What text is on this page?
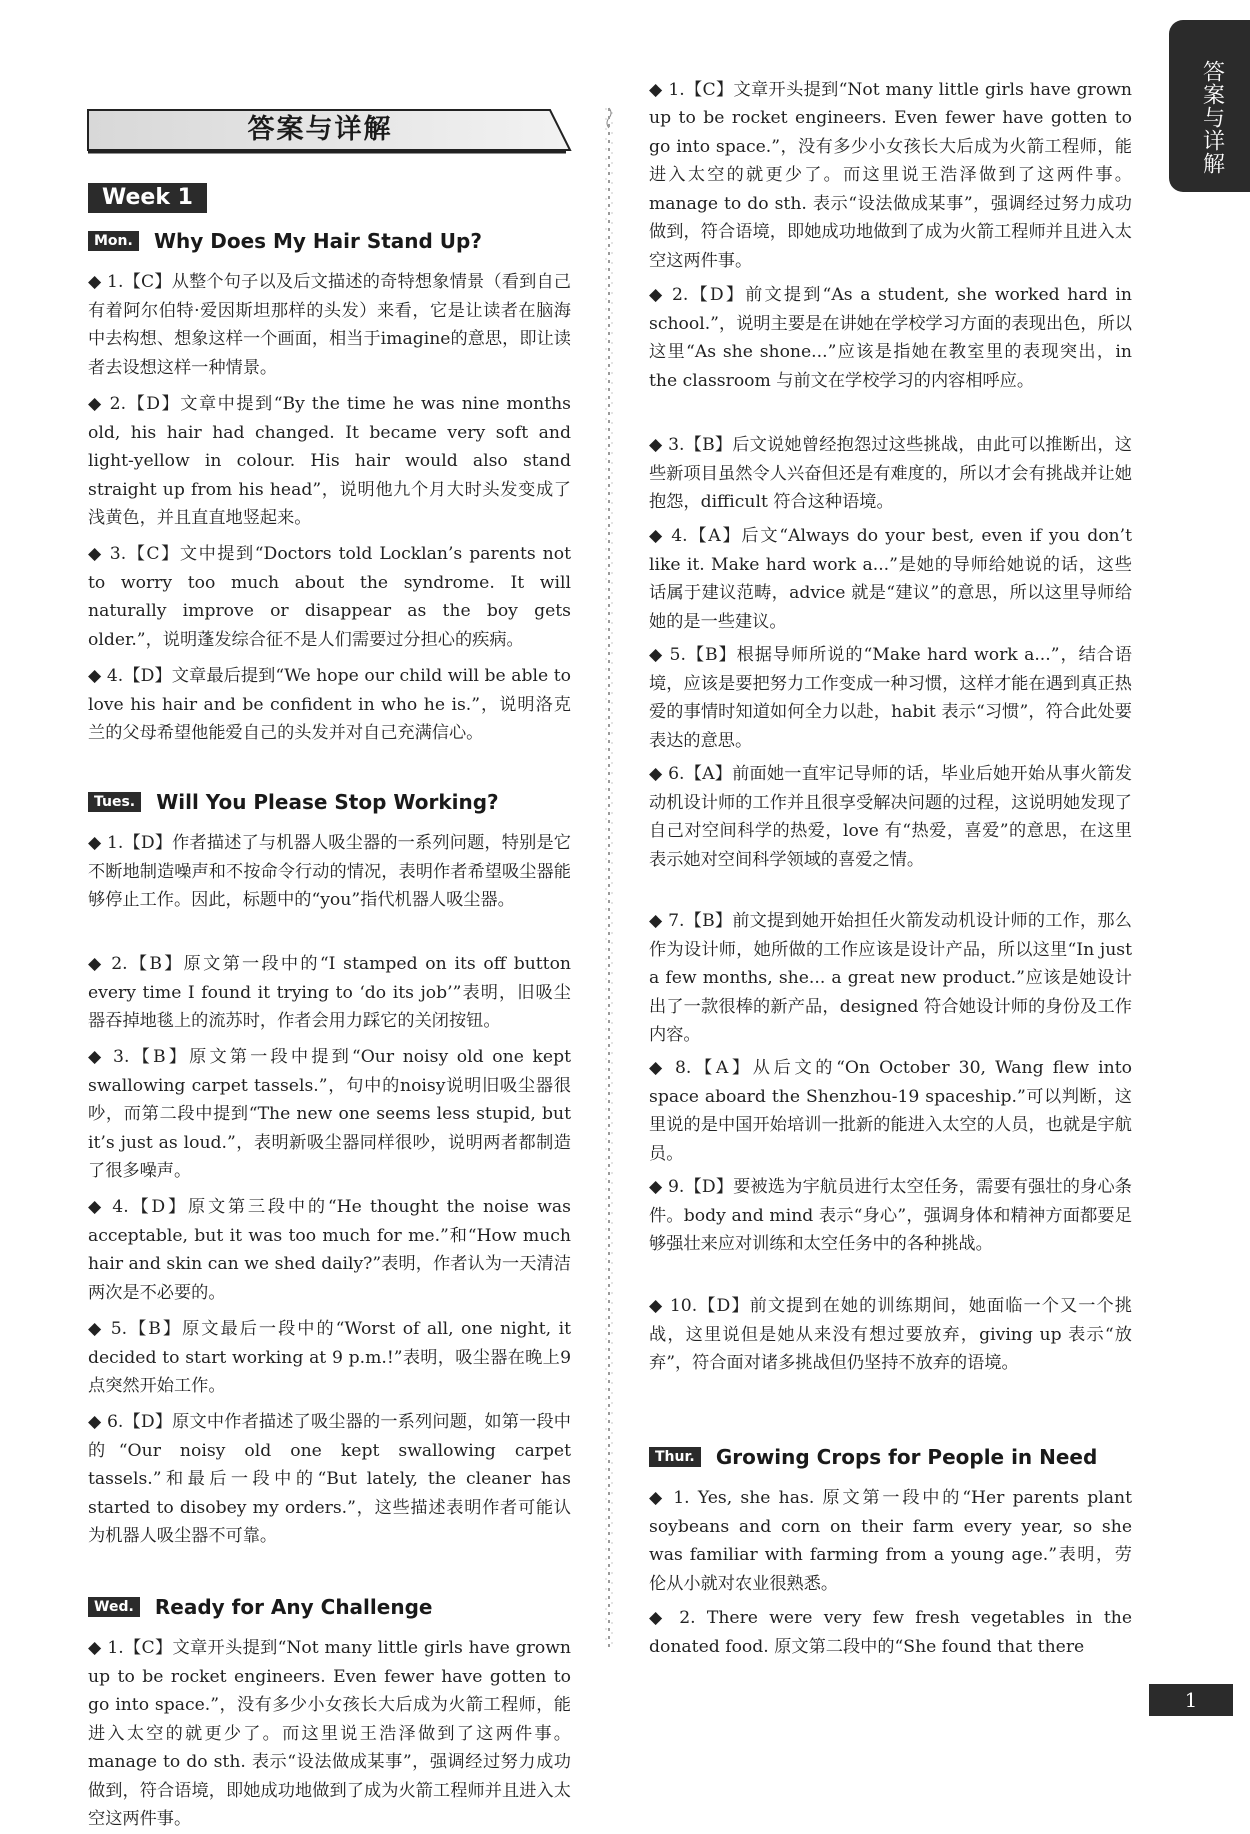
答案与详解
答案与详解
Week 1
Mon. Why Does My Hair Stand Up?
◆ 1.【C】从整个句子以及后文描述的奇特想象情景（看到自己有着阿尔伯特·爱因斯坦那样的头发）来看，它是让读者在脑海中去构想、想象这样一个画面，相当于imagine的意思，即让读者去设想这样一种情景。
◆ 2.【D】文章中提到“By the time he was nine months old, his hair had changed. It became very soft and light-yellow in colour. His hair would also stand straight up from his head”，说明他九个月大时头发变成了浅黄色，并且直直地竖起来。
◆ 3.【C】文中提到“Doctors told Locklan’s parents not to worry too much about the syndrome. It will naturally improve or disappear as the boy gets older.”，说明蓬发综合征不是人们需要过分担心的疾病。
◆ 4.【D】文章最后提到“We hope our child will be able to love his hair and be confident in who he is.”，说明洛克兰的父母希望他能爱自己的头发并对自己充满信心。
Tues. Will You Please Stop Working?
◆ 1.【D】作者描述了与机器人吸尘器的一系列问题，特别是它不断地制造噪声和不按命令行动的情况，表明作者希望吸尘器能够停止工作。因此，标题中的“you”指代机器人吸尘器。
◆ 2.【B】原文第一段中的“I stamped on its off button every time I found it trying to ‘do its job’”表明，旧吸尘器吞掉地毯上的流苏时，作者会用力踩它的关闭按钮。
◆ 3.【B】原文第一段中提到“Our noisy old one kept swallowing carpet tassels.”，句中的noisy说明旧吸尘器很吵，而第二段中提到“The new one seems less stupid, but it’s just as loud.”，表明新吸尘器同样很吵，说明两者都制造了很多噪声。
◆ 4.【D】原文第三段中的“He thought the noise was acceptable, but it was too much for me.”和“How much hair and skin can we shed daily?”表明，作者认为一天清洁两次是不必要的。
◆ 5.【B】原文最后一段中的“Worst of all, one night, it decided to start working at 9 p.m.!”表明，吸尘器在晚上9点突然开始工作。
◆ 6.【D】原文中作者描述了吸尘器的一系列问题，如第一段中的“Our noisy old one kept swallowing carpet tassels.”和最后一段中的“But lately, the cleaner has started to disobey my orders.”，这些描述表明作者可能认为机器人吸尘器不可靠。
Wed. Ready for Any Challenge
◆ 1.【C】文章开头提到“Not many little girls have grown up to be rocket engineers. Even fewer have gotten to go into space.”，没有多少小女孩长大后成为火箭工程师，能进入太空的就更少了。而这里说王浩泽做到了这两件事。manage to do sth. 表示“设法做成某事”，强调经过努力成功做到，符合语境，即她成功地做到了成为火箭工程师并且进入太空这两件事。
◆ 1.【C】文章开头提到“Not many little girls have grown up to be rocket engineers. Even fewer have gotten to go into space.”，没有多少小女孩长大后成为火箭工程师，能进入太空的就更少了。而这里说王浩泽做到了这两件事。manage to do sth. 表示“设法做成某事”，强调经过努力成功做到，符合语境，即她成功地做到了成为火箭工程师并且进入太空这两件事。
◆ 2.【D】前文提到“As a student, she worked hard in school.”，说明主要是在讲她在学校学习方面的表现出色，所以这里“As she shone...”应该是指她在教室里的表现突出，in the classroom 与前文在学校学习的内容相呼应。
◆ 3.【B】后文说她曾经抱怨过这些挑战，由此可以推断出，这些新项目虽然令人兴奋但还是有难度的，所以才会有挑战并让她抱怨，difficult 符合这种语境。
◆ 4.【A】后文“Always do your best, even if you don’t like it. Make hard work a...”是她的导师给她说的话，这些话属于建议范畴，advice 就是“建议”的意思，所以这里导师给她的是一些建议。
◆ 5.【B】根据导师所说的“Make hard work a...”，结合语境，应该是要把努力工作变成一种习惯，这样才能在遇到真正热爱的事情时知道如何全力以赴，habit 表示“习惯”，符合此处要表达的意思。
◆ 6.【A】前面她一直牢记导师的话，毕业后她开始从事火箭发动机设计师的工作并且很享受解决问题的过程，这说明她发现了自己对空间科学的热爱，love 有“热爱，喜爱”的意思，在这里表示她对空间科学领域的喜爱之情。
◆ 7.【B】前文提到她开始担任火箭发动机设计师的工作，那么作为设计师，她所做的工作应该是设计产品，所以这里“In just a few months, she... a great new product.”应该是她设计出了一款很棒的新产品，designed 符合她设计师的身份及工作内容。
◆ 8.【A】从后文的“On October 30, Wang flew into space aboard the Shenzhou-19 spaceship.”可以判断，这里说的是中国开始培训一批新的能进入太空的人员，也就是宇航员。
◆ 9.【D】要被选为宇航员进行太空任务，需要有强壮的身心条件。body and mind 表示“身心”，强调身体和精神方面都要足够强壮来应对训练和太空任务中的各种挑战。
◆ 10.【D】前文提到在她的训练期间，她面临一个又一个挑战，这里说但是她从来没有想过要放弃，giving up 表示“放弃”，符合面对诸多挑战但仍坚持不放弃的语境。
Thur. Growing Crops for People in Need
◆ 1. Yes, she has. 原文第一段中的“Her parents plant soybeans and corn on their farm every year, so she was familiar with farming from a young age.”表明，劳伦从小就对农业很熟悉。
◆ 2. There were very few fresh vegetables in the donated food. 原文第二段中的“She found that there
1
